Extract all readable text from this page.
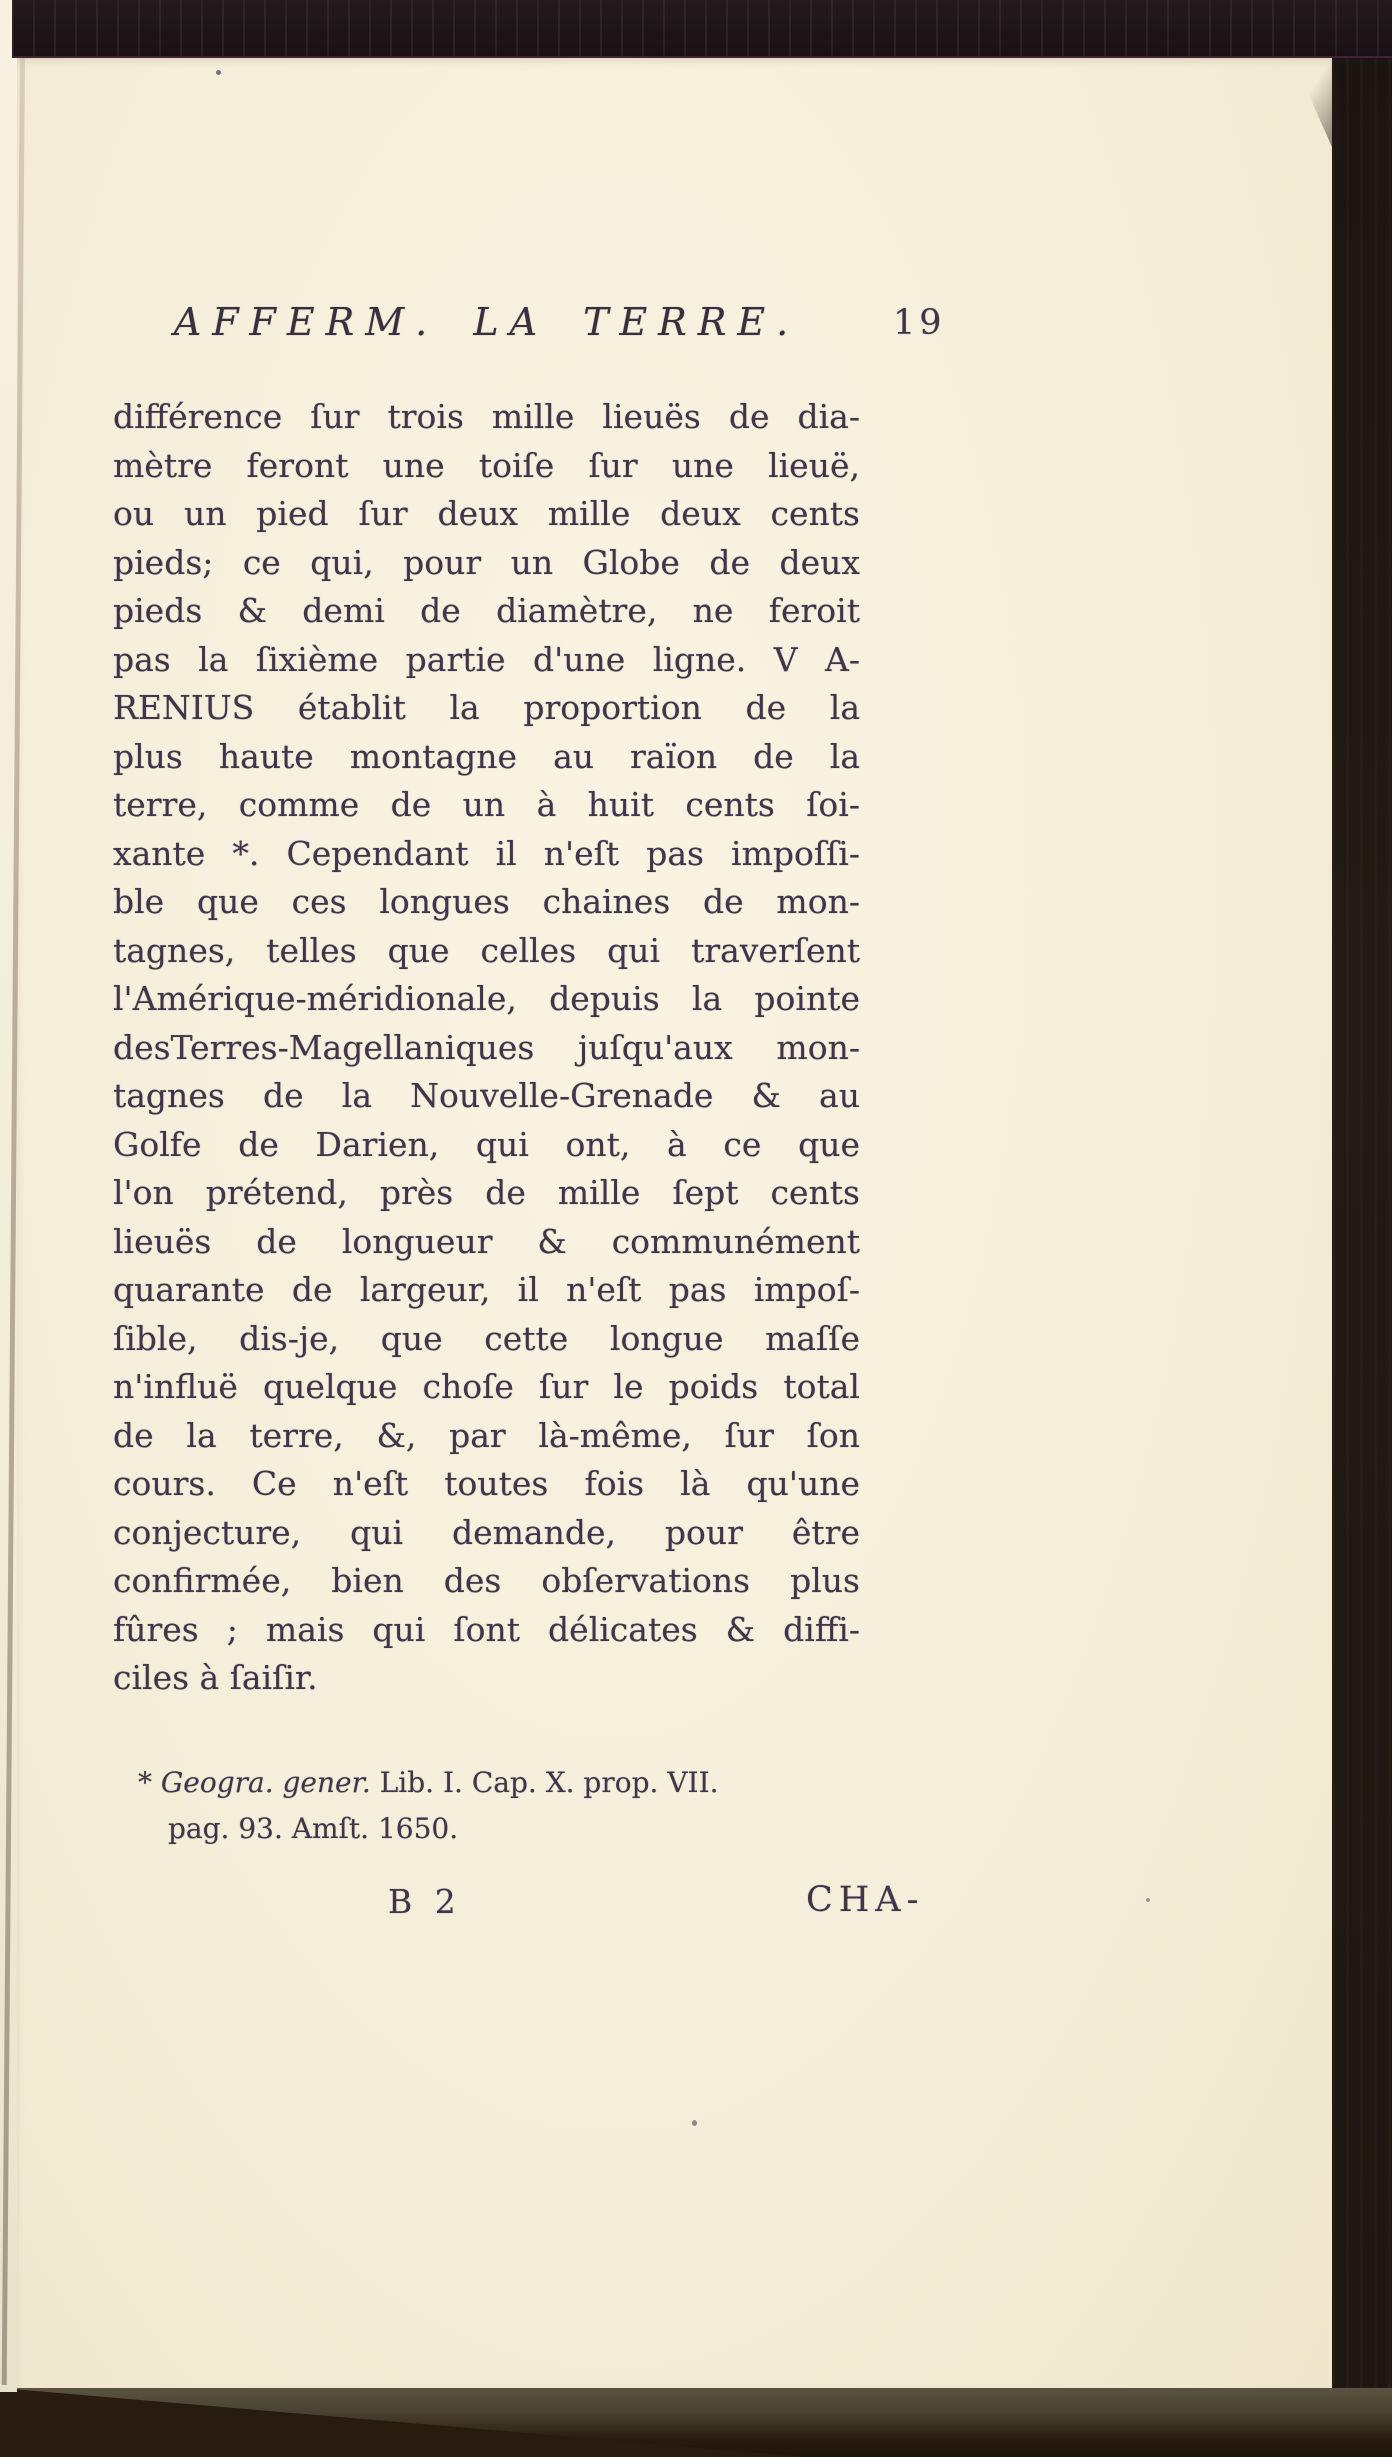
AFFERM. LA TERRE.	19
différence ſur trois mille lieuës de dia-
mètre feront une toiſe ſur une lieuë,
ou un pied ſur deux mille deux cents
pieds; ce qui, pour un Globe de deux
pieds & demi de diamètre, ne feroit
pas la ſixième partie d'une ligne. V A-
RENIUS établit la proportion de la
plus haute montagne au raïon de la
terre, comme de un à huit cents ſoi-
xante *. Cependant il n'eſt pas impoſſi-
ble que ces longues chaines de mon-
tagnes, telles que celles qui traverſent
l'Amérique-méridionale, depuis la pointe
desTerres-Magellaniques juſqu'aux mon-
tagnes de la Nouvelle-Grenade & au
Golfe de Darien, qui ont, à ce que
l'on prétend, près de mille ſept cents
lieuës de longueur & communément
quarante de largeur, il n'eſt pas impoſ-
ſible, dis-je, que cette longue maſſe
n'influë quelque choſe ſur le poids total
de la terre, &, par là-même, ſur ſon
cours. Ce n'eſt toutes fois là qu'une
conjecture, qui demande, pour être
confirmée, bien des obſervations plus
fûres ; mais qui ſont délicates & diffi-
ciles à ſaiſir.
* Geogra. gener. Lib. I. Cap. X. prop. VII.
pag. 93. Amſt. 1650.
B 2	CHA-
